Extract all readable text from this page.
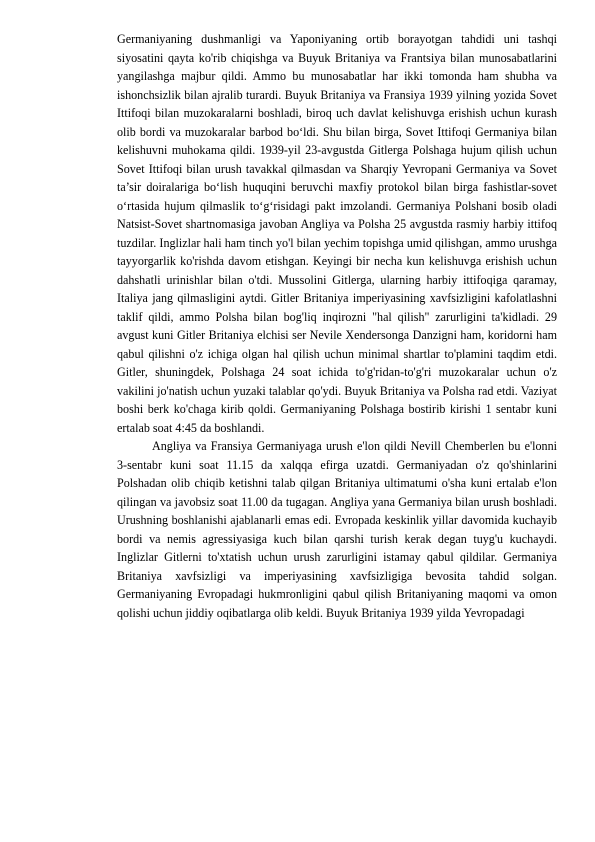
Germaniyaning dushmanligi va Yaponiyaning ortib borayotgan tahdidi uni tashqi siyosatini qayta ko'rib chiqishga va Buyuk Britaniya va Frantsiya bilan munosabatlarini yangilashga majbur qildi. Ammo bu munosabatlar har ikki tomonda ham shubha va ishonchsizlik bilan ajralib turardi. Buyuk Britaniya va Fransiya 1939 yilning yozida Sovet Ittifoqi bilan muzokaralarni boshladi, biroq uch davlat kelishuvga erishish uchun kurash olib bordi va muzokaralar barbod bo‘ldi. Shu bilan birga, Sovet Ittifoqi Germaniya bilan kelishuvni muhokama qildi. 1939-yil 23-avgustda Gitlerga Polshaga hujum qilish uchun Sovet Ittifoqi bilan urush tavakkal qilmasdan va Sharqiy Yevropani Germaniya va Sovet ta’sir doiralariga bo‘lish huquqini beruvchi maxfiy protokol bilan birga fashistlar-sovet o‘rtasida hujum qilmaslik to‘g‘risidagi pakt imzolandi. Germaniya Polshani bosib oladi Natsist-Sovet shartnomasiga javoban Angliya va Polsha 25 avgustda rasmiy harbiy ittifoq tuzdilar. Inglizlar hali ham tinch yo'l bilan yechim topishga umid qilishgan, ammo urushga tayyorgarlik ko'rishda davom etishgan. Keyingi bir necha kun kelishuvga erishish uchun dahshatli urinishlar bilan o'tdi. Mussolini Gitlerga, ularning harbiy ittifoqiga qaramay, Italiya jang qilmasligini aytdi. Gitler Britaniya imperiyasining xavfsizligini kafolatlashni taklif qildi, ammo Polsha bilan bog'liq inqirozni "hal qilish" zarurligini ta'kidladi. 29 avgust kuni Gitler Britaniya elchisi ser Nevile Xendersonga Danzigni ham, koridorni ham qabul qilishni o'z ichiga olgan hal qilish uchun minimal shartlar to'plamini taqdim etdi. Gitler, shuningdek, Polshaga 24 soat ichida to'g'ridan-to'g'ri muzokaralar uchun o'z vakilini jo'natish uchun yuzaki talablar qo'ydi. Buyuk Britaniya va Polsha rad etdi. Vaziyat boshi berk ko'chaga kirib qoldi. Germaniyaning Polshaga bostirib kirishi 1 sentabr kuni ertalab soat 4:45 da boshlandi.

Angliya va Fransiya Germaniyaga urush e'lon qildi Nevill Chemberlen bu e'lonni 3-sentabr kuni soat 11.15 da xalqqa efirga uzatdi. Germaniyadan o'z qo'shinlarini Polshadan olib chiqib ketishni talab qilgan Britaniya ultimatumi o'sha kuni ertalab e'lon qilingan va javobsiz soat 11.00 da tugagan. Angliya yana Germaniya bilan urush boshladi. Urushning boshlanishi ajablanarli emas edi. Evropada keskinlik yillar davomida kuchayib bordi va nemis agressiyasiga kuch bilan qarshi turish kerak degan tuyg'u kuchaydi. Inglizlar Gitlerni to'xtatish uchun urush zarurligini istamay qabul qildilar. Germaniya Britaniya xavfsizligi va imperiyasining xavfsizligiga bevosita tahdid solgan. Germaniyaning Evropadagi hukmronligini qabul qilish Britaniyaning maqomi va omon qolishi uchun jiddiy oqibatlarga olib keldi. Buyuk Britaniya 1939 yilda Yevropadagi
